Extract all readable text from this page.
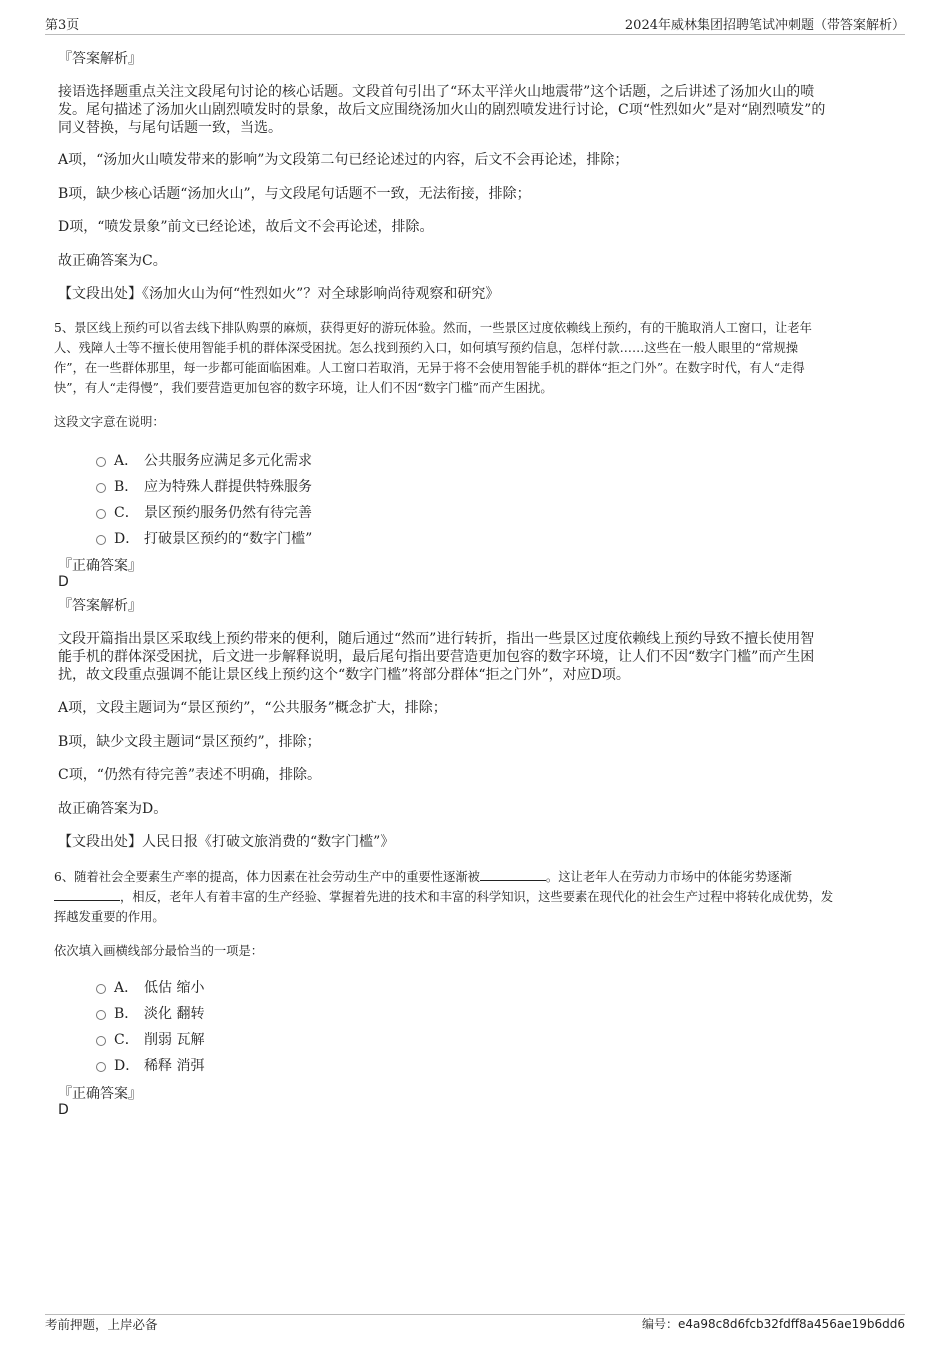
第3页	2024年威林集团招聘笔试冲刺题（带答案解析）
『答案解析』
接语选择题重点关注文段尾句讨论的核心话题。文段首句引出了“环太平洋火山地震带”这个话题，之后讲述了汤加火山的喷
发。尾句描述了汤加火山剧烈喷发时的景象，故后文应围绕汤加火山的剧烈喷发进行讨论，C项“性烈如火”是对“剧烈喷发”的
同义替换，与尾句话题一致，当选。
A项，“汤加火山喷发带来的影响”为文段第二句已经论述过的内容，后文不会再论述，排除；
B项，缺少核心话题“汤加火山”，与文段尾句话题不一致，无法衔接，排除；
D项，“喷发景象”前文已经论述，故后文不会再论述，排除。
故正确答案为C。
【文段出处】《汤加火山为何“性烈如火”？对全球影响尚待观察和研究》
5、景区线上预约可以省去线下排队购票的麻烦，获得更好的游玩体验。然而，一些景区过度依赖线上预约，有的干脆取消人工窗口，让老年
人、残障人士等不擅长使用智能手机的群体深受困扰。怎么找到预约入口，如何填写预约信息，怎样付款……这些在一般人眼里的“常规操
作”，在一些群体那里，每一步都可能面临困难。人工窗口若取消，无异于将不会使用智能手机的群体“拒之门外”。在数字时代，有人“走得
快”，有人“走得慢”，我们要营造更加包容的数字环境，让人们不因“数字门槛”而产生困扰。
这段文字意在说明：
A． 公共服务应满足多元化需求
B． 应为特殊人群提供特殊服务
C． 景区预约服务仍然有待完善
D． 打破景区预约的“数字门槛”
『正确答案』
D
『答案解析』
文段开篇指出景区采取线上预约带来的便利，随后通过“然而”进行转折，指出一些景区过度依赖线上预约导致不擅长使用智
能手机的群体深受困扰，后文进一步解释说明，最后尾句指出要营造更加包容的数字环境，让人们不因“数字门槛”而产生困
扰，故文段重点强调不能让景区线上预约这个“数字门槛”将部分群体“拒之门外”，对应D项。
A项，文段主题词为“景区预约”，“公共服务”概念扩大，排除；
B项，缺少文段主题词“景区预约”，排除；
C项，“仍然有待完善”表述不明确，排除。
故正确答案为D。
【文段出处】人民日报《打破文旅消费的“数字门槛”》
6、随着社会全要素生产率的提高，体力因素在社会劳动生产中的重要性逐渐被	。这让老年人在劳动力市场中的体能劣势逐渐
，相反，老年人有着丰富的生产经验、掌握着先进的技术和丰富的科学知识，这些要素在现代化的社会生产过程中将转化成优势，发
挥越发重要的作用。
依次填入画横线部分最恰当的一项是：
A． 低估 缩小
B． 淡化 翻转
C． 削弱 瓦解
D． 稀释 消弭
『正确答案』
D
考前押题，上岸必备	编号：e4a98c8d6fcb32fdff8a456ae19b6dd6
